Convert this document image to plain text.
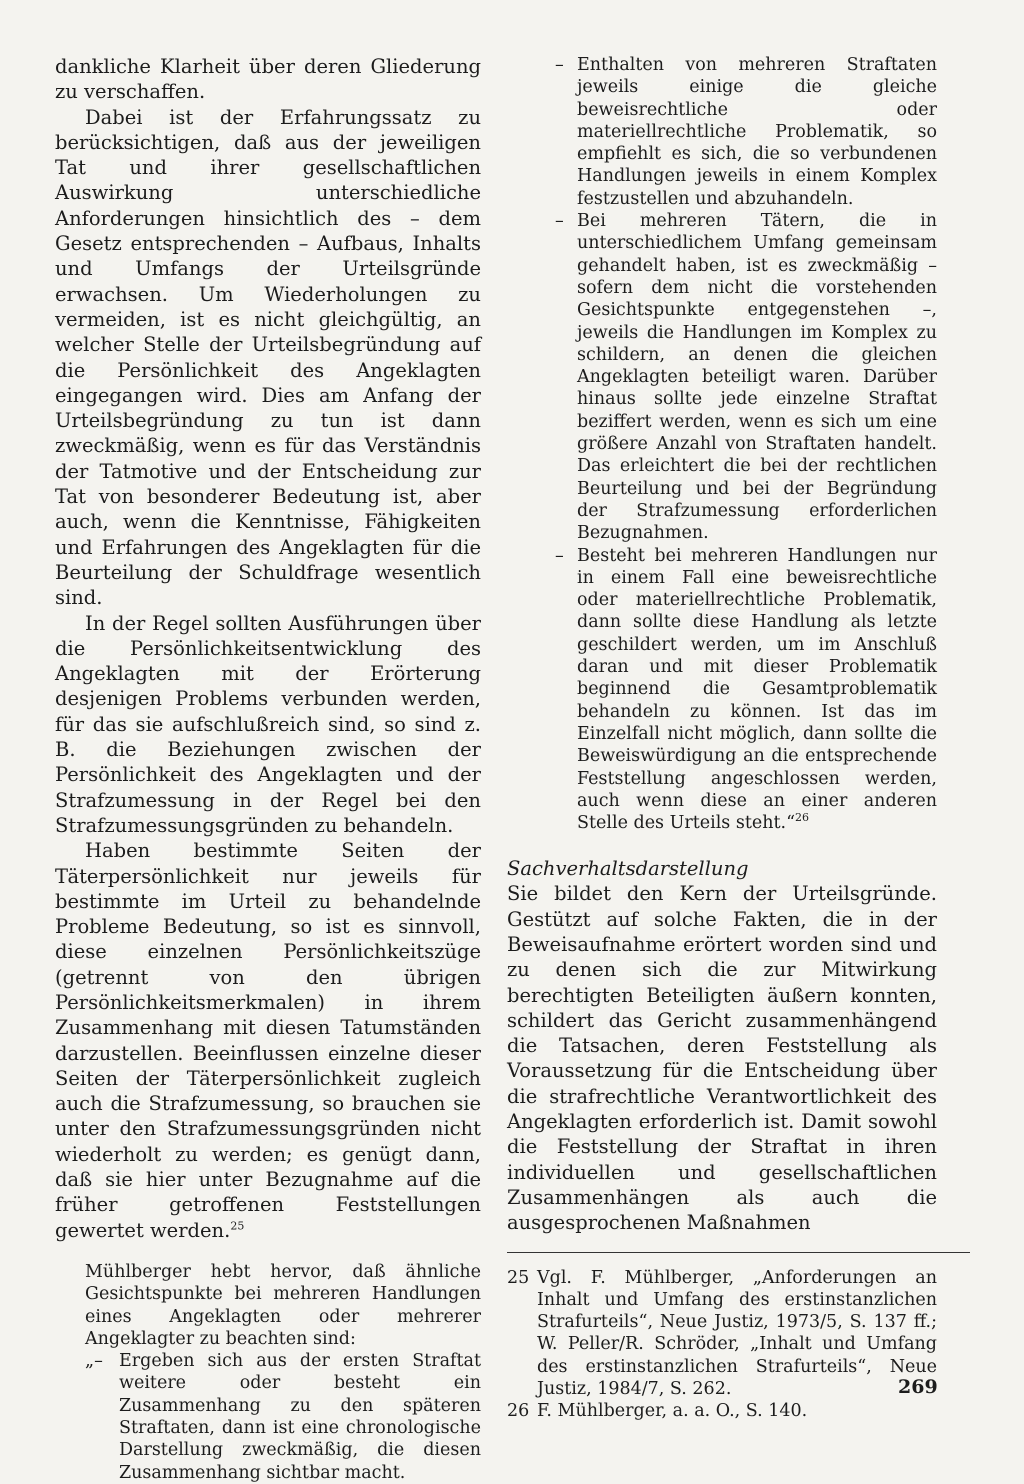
dankliche Klarheit über deren Gliederung zu verschaffen.

Dabei ist der Erfahrungssatz zu berücksichtigen, daß aus der jeweiligen Tat und ihrer gesellschaftlichen Auswirkung unterschiedliche Anforderungen hinsichtlich des – dem Gesetz entsprechenden – Aufbaus, Inhalts und Umfangs der Urteilsgründe erwachsen. Um Wiederholungen zu vermeiden, ist es nicht gleichgültig, an welcher Stelle der Urteilsbegründung auf die Persönlichkeit des Angeklagten eingegangen wird. Dies am Anfang der Urteilsbegründung zu tun ist dann zweckmäßig, wenn es für das Verständnis der Tatmotive und der Entscheidung zur Tat von besonderer Bedeutung ist, aber auch, wenn die Kenntnisse, Fähigkeiten und Erfahrungen des Angeklagten für die Beurteilung der Schuldfrage wesentlich sind.

In der Regel sollten Ausführungen über die Persönlichkeitsentwicklung des Angeklagten mit der Erörterung desjenigen Problems verbunden werden, für das sie aufschlußreich sind, so sind z. B. die Beziehungen zwischen der Persönlichkeit des Angeklagten und der Strafzumessung in der Regel bei den Strafzumessungsgründen zu behandeln.

Haben bestimmte Seiten der Täterpersönlichkeit nur jeweils für bestimmte im Urteil zu behandelnde Probleme Bedeutung, so ist es sinnvoll, diese einzelnen Persönlichkeitszüge (getrennt von den übrigen Persönlichkeitsmerkmalen) in ihrem Zusammenhang mit diesen Tatumständen darzustellen. Beeinflussen einzelne dieser Seiten der Täterpersönlichkeit zugleich auch die Strafzumessung, so brauchen sie unter den Strafzumessungsgründen nicht wiederholt zu werden; es genügt dann, daß sie hier unter Bezugnahme auf die früher getroffenen Feststellungen gewertet werden.$^{25}$

Mühlberger hebt hervor, daß ähnliche Gesichtspunkte bei mehreren Handlungen eines Angeklagten oder mehrerer Angeklagter zu beachten sind:

„– Ergeben sich aus der ersten Straftat weitere oder besteht ein Zusammenhang zu den späteren Straftaten, dann ist eine chronologische Darstellung zweckmäßig, die diesen Zusammenhang sichtbar macht.
– Enthalten von mehreren Straftaten jeweils einige die gleiche beweisrechtliche oder materiellrechtliche Problematik, so empfiehlt es sich, die so verbundenen Handlungen jeweils in einem Komplex festzustellen und abzuhandeln.
– Bei mehreren Tätern, die in unterschiedlichem Umfang gemeinsam gehandelt haben, ist es zweckmäßig – sofern dem nicht die vorstehenden Gesichtspunkte entgegenstehen –, jeweils die Handlungen im Komplex zu schildern, an denen die gleichen Angeklagten beteiligt waren. Darüber hinaus sollte jede einzelne Straftat beziffert werden, wenn es sich um eine größere Anzahl von Straftaten handelt. Das erleichtert die bei der rechtlichen Beurteilung und bei der Begründung der Strafzumessung erforderlichen Bezugnahmen.
– Besteht bei mehreren Handlungen nur in einem Fall eine beweisrechtliche oder materiellrechtliche Problematik, dann sollte diese Handlung als letzte geschildert werden, um im Anschluß daran und mit dieser Problematik beginnend die Gesamtproblematik behandeln zu können. Ist das im Einzelfall nicht möglich, dann sollte die Beweiswürdigung an die entsprechende Feststellung angeschlossen werden, auch wenn diese an einer anderen Stelle des Urteils steht.“$^{26}$

Sachverhaltsdarstellung

Sie bildet den Kern der Urteilsgründe. Gestützt auf solche Fakten, die in der Beweisaufnahme erörtert worden sind und zu denen sich die zur Mitwirkung berechtigten Beteiligten äußern konnten, schildert das Gericht zusammenhängend die Tatsachen, deren Feststellung als Voraussetzung für die Entscheidung über die strafrechtliche Verantwortlichkeit des Angeklagten erforderlich ist. Damit sowohl die Feststellung der Straftat in ihren individuellen und gesellschaftlichen Zusammenhängen als auch die ausgesprochenen Maßnahmen

25 Vgl. F. Mühlberger, „Anforderungen an Inhalt und Umfang des erstinstanzlichen Strafurteils“, Neue Justiz, 1973/5, S. 137 ff.; W. Peller/R. Schröder, „Inhalt und Umfang des erstinstanzlichen Strafurteils“, Neue Justiz, 1984/7, S. 262.
26 F. Mühlberger, a. a. O., S. 140.
269
